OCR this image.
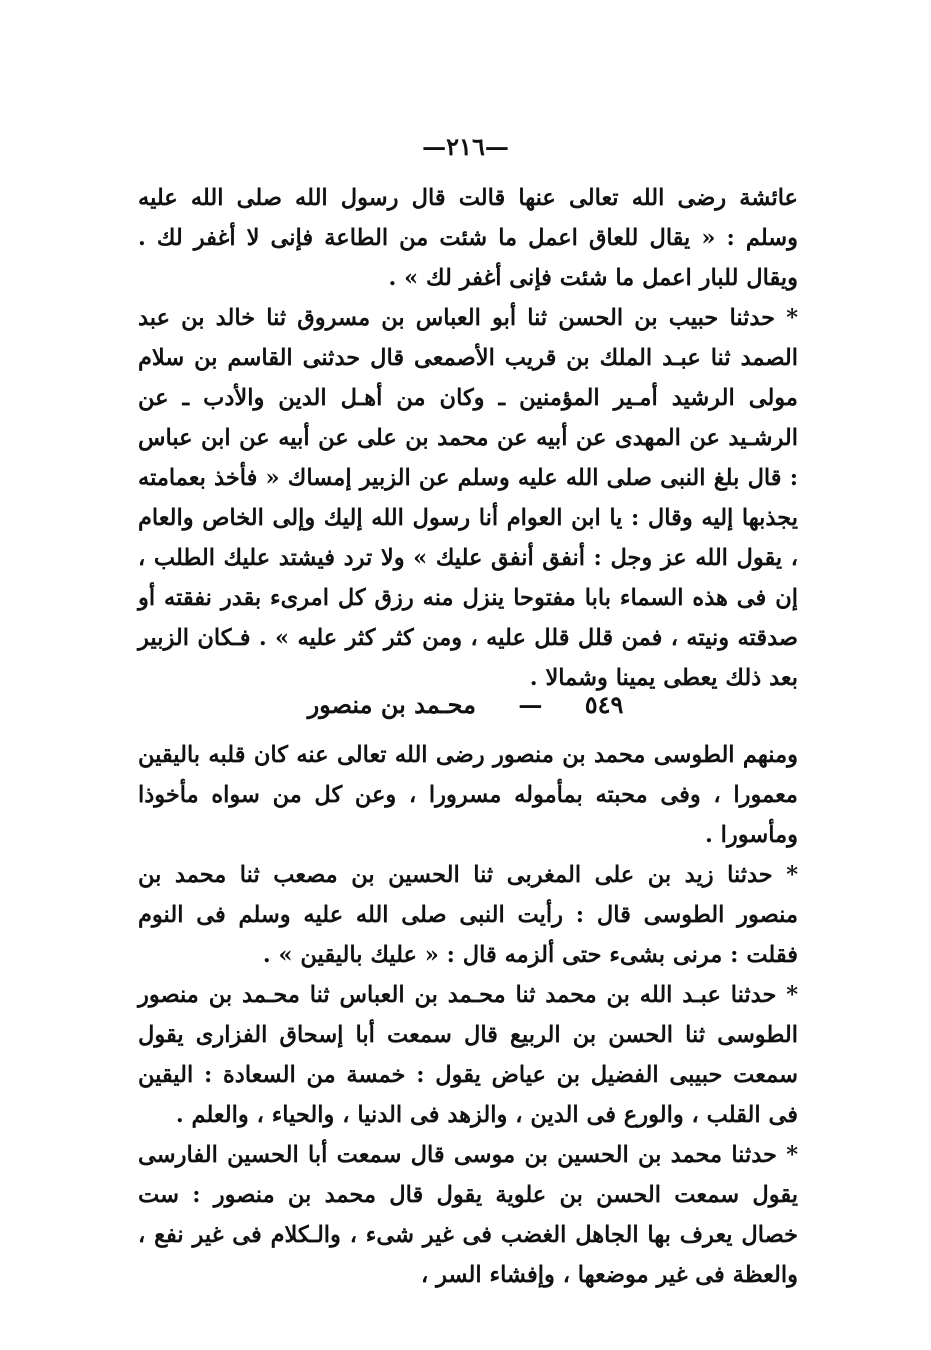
—٢١٦—

عائشة رضى الله تعالى عنها قالت قال رسول الله صلى الله عليه وسلم : « يقال للعاق اعمل ما شئت من الطاعة فإنى لا أغفر لك . ويقال للبار اعمل ما شئت فإنى أغفر لك » .

* حدثنا حبيب بن الحسن ثنا أبو العباس بن مسروق ثنا خالد بن عبد الصمد ثنا عبـد الملك بن قريب الأصمعى قال حدثنى القاسم بن سلام مولى الرشيد أمـير المؤمنين ـ وكان من أهـل الدين والأدب ـ عن الرشـيد عن المهدى عن أبيه عن محمد بن على عن أبيه عن ابن عباس : قال بلغ النبى صلى الله عليه وسلم عن الزبير إمساك « فأخذ بعمامته يجذبها إليه وقال : يا ابن العوام أنا رسول الله إليك وإلى الخاص والعام ، يقول الله عز وجل : أنفق أنفق عليك » ولا ترد فيشتد عليك الطلب ، إن فى هذه السماء بابا مفتوحا ينزل منه رزق كل امرىء بقدر نفقته أو صدقته ونيته ، فمن قلل قلل عليه ، ومن كثر كثر عليه » . فـكان الزبير بعد ذلك يعطى يمينا وشمالا .

٥٤٩ — محـمد بن منصور

ومنهم الطوسى محمد بن منصور رضى الله تعالى عنه كان قلبه باليقين معمورا ، وفى محبته بمأموله مسرورا ، وعن كل من سواه مأخوذا ومأسورا .

* حدثنا زيد بن على المغربى ثنا الحسين بن مصعب ثنا محمد بن منصور الطوسى قال : رأيت النبى صلى الله عليه وسلم فى النوم فقلت : مرنى بشىء حتى ألزمه قال : « عليك باليقين » .

* حدثنا عبـد الله بن محمد ثنا محـمد بن العباس ثنا محـمد بن منصور الطوسى ثنا الحسن بن الربيع قال سمعت أبا إسحاق الفزارى يقول سمعت حبيبى الفضيل بن عياض يقول : خمسة من السعادة : اليقين فى القلب ، والورع فى الدين ، والزهد فى الدنيا ، والحياء ، والعلم .

* حدثنا محمد بن الحسين بن موسى قال سمعت أبا الحسين الفارسى يقول سمعت الحسن بن علوية يقول قال محمد بن منصور : ست خصال يعرف بها الجاهل الغضب فى غير شىء ، والـكلام فى غير نفع ، والعظة فى غير موضعها ، وإفشاء السر ،
